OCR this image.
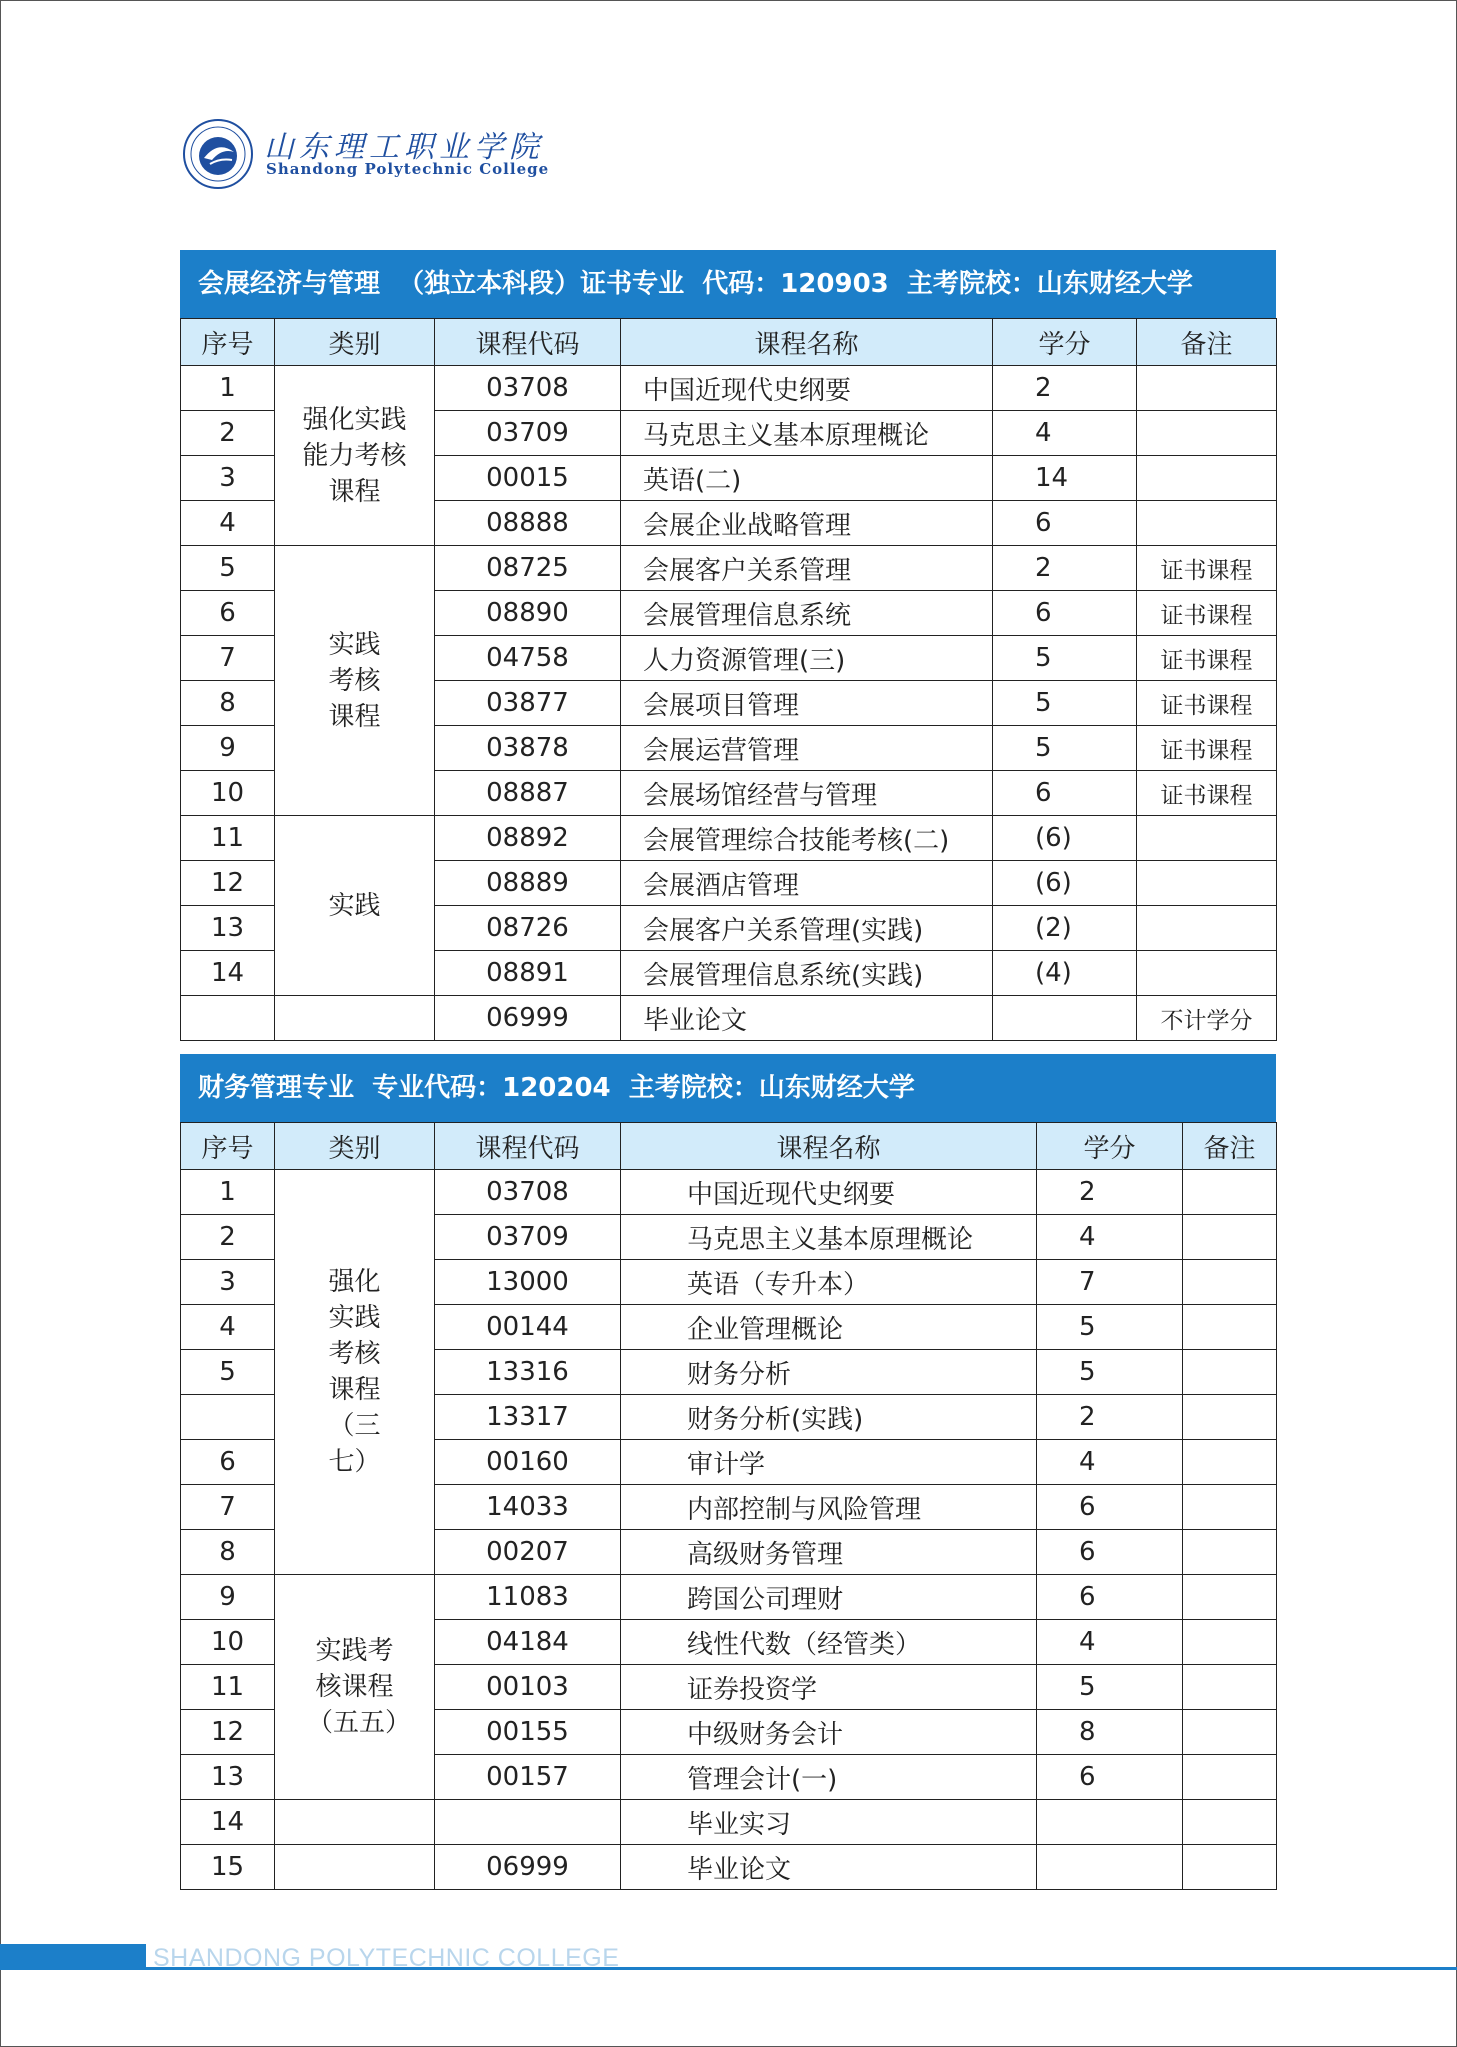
山东理工职业学院
Shandong Polytechnic College
会展经济与管理  （独立本科段）证书专业  代码：120903  主考院校：山东财经大学
序号	类别	课程代码	课程名称	学分	备注
1	强化实践能力考核课程	03708	中国近现代史纲要	2	
2		03709	马克思主义基本原理概论	4	
3		00015	英语(二)	14	
4		08888	会展企业战略管理	6	
5	实践考核课程	08725	会展客户关系管理	2	证书课程
6		08890	会展管理信息系统	6	证书课程
7		04758	人力资源管理(三)	5	证书课程
8		03877	会展项目管理	5	证书课程
9		03878	会展运营管理	5	证书课程
10		08887	会展场馆经营与管理	6	证书课程
11	实践	08892	会展管理综合技能考核(二)	(6)	
12		08889	会展酒店管理	(6)	
13		08726	会展客户关系管理(实践)	(2)	
14		08891	会展管理信息系统(实践)	(4)	
		06999	毕业论文		不计学分
财务管理专业  专业代码：120204  主考院校：山东财经大学
序号	类别	课程代码	课程名称	学分	备注
1	强化实践考核课程（三七）	03708	中国近现代史纲要	2	
2		03709	马克思主义基本原理概论	4	
3		13000	英语（专升本）	7	
4		00144	企业管理概论	5	
5		13316	财务分析	5	
		13317	财务分析(实践)	2	
6		00160	审计学	4	
7		14033	内部控制与风险管理	6	
8		00207	高级财务管理	6	
9	实践考核课程（五五）	11083	跨国公司理财	6	
10		04184	线性代数（经管类）	4	
11		00103	证券投资学	5	
12		00155	中级财务会计	8	
13		00157	管理会计(一)	6	
14			毕业实习		
15		06999	毕业论文		
SHANDONG POLYTECHNIC COLLEGE
